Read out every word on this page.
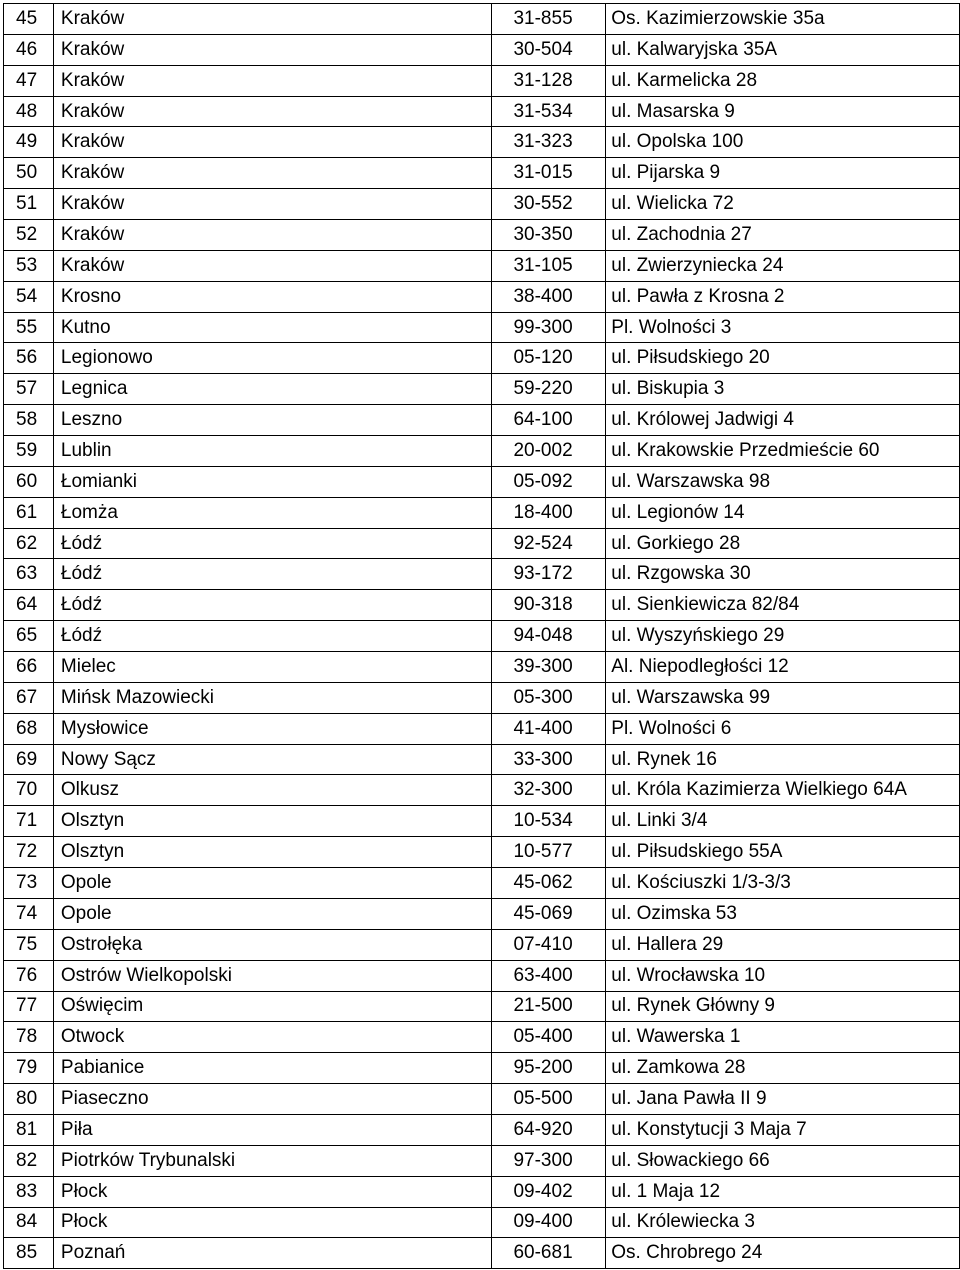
45	Kraków	31-855	Os. Kazimierzowskie 35a
46	Kraków	30-504	ul. Kalwaryjska 35A
47	Kraków	31-128	ul. Karmelicka 28
48	Kraków	31-534	ul. Masarska 9
49	Kraków	31-323	ul. Opolska 100
50	Kraków	31-015	ul. Pijarska 9
51	Kraków	30-552	ul. Wielicka 72
52	Kraków	30-350	ul. Zachodnia 27
53	Kraków	31-105	ul. Zwierzyniecka 24
54	Krosno	38-400	ul. Pawła z Krosna 2
55	Kutno	99-300	Pl. Wolności 3
56	Legionowo	05-120	ul. Piłsudskiego 20
57	Legnica	59-220	ul. Biskupia 3
58	Leszno	64-100	ul. Królowej Jadwigi 4
59	Lublin	20-002	ul. Krakowskie Przedmieście 60
60	Łomianki	05-092	ul. Warszawska 98
61	Łomża	18-400	ul. Legionów 14
62	Łódź	92-524	ul. Gorkiego 28
63	Łódź	93-172	ul. Rzgowska 30
64	Łódź	90-318	ul. Sienkiewicza 82/84
65	Łódź	94-048	ul. Wyszyńskiego 29
66	Mielec	39-300	Al. Niepodległości 12
67	Mińsk Mazowiecki	05-300	ul. Warszawska 99
68	Mysłowice	41-400	Pl. Wolności 6
69	Nowy Sącz	33-300	ul. Rynek 16
70	Olkusz	32-300	ul. Króla Kazimierza Wielkiego 64A
71	Olsztyn	10-534	ul. Linki 3/4
72	Olsztyn	10-577	ul. Piłsudskiego 55A
73	Opole	45-062	ul. Kościuszki 1/3-3/3
74	Opole	45-069	ul. Ozimska 53
75	Ostrołęka	07-410	ul. Hallera 29
76	Ostrów Wielkopolski	63-400	ul. Wrocławska 10
77	Oświęcim	21-500	ul. Rynek Główny 9
78	Otwock	05-400	ul. Wawerska 1
79	Pabianice	95-200	ul. Zamkowa 28
80	Piaseczno	05-500	ul. Jana Pawła II 9
81	Piła	64-920	ul. Konstytucji 3 Maja 7
82	Piotrków Trybunalski	97-300	ul. Słowackiego 66
83	Płock	09-402	ul. 1 Maja 12
84	Płock	09-400	ul. Królewiecka 3
85	Poznań	60-681	Os. Chrobrego 24
